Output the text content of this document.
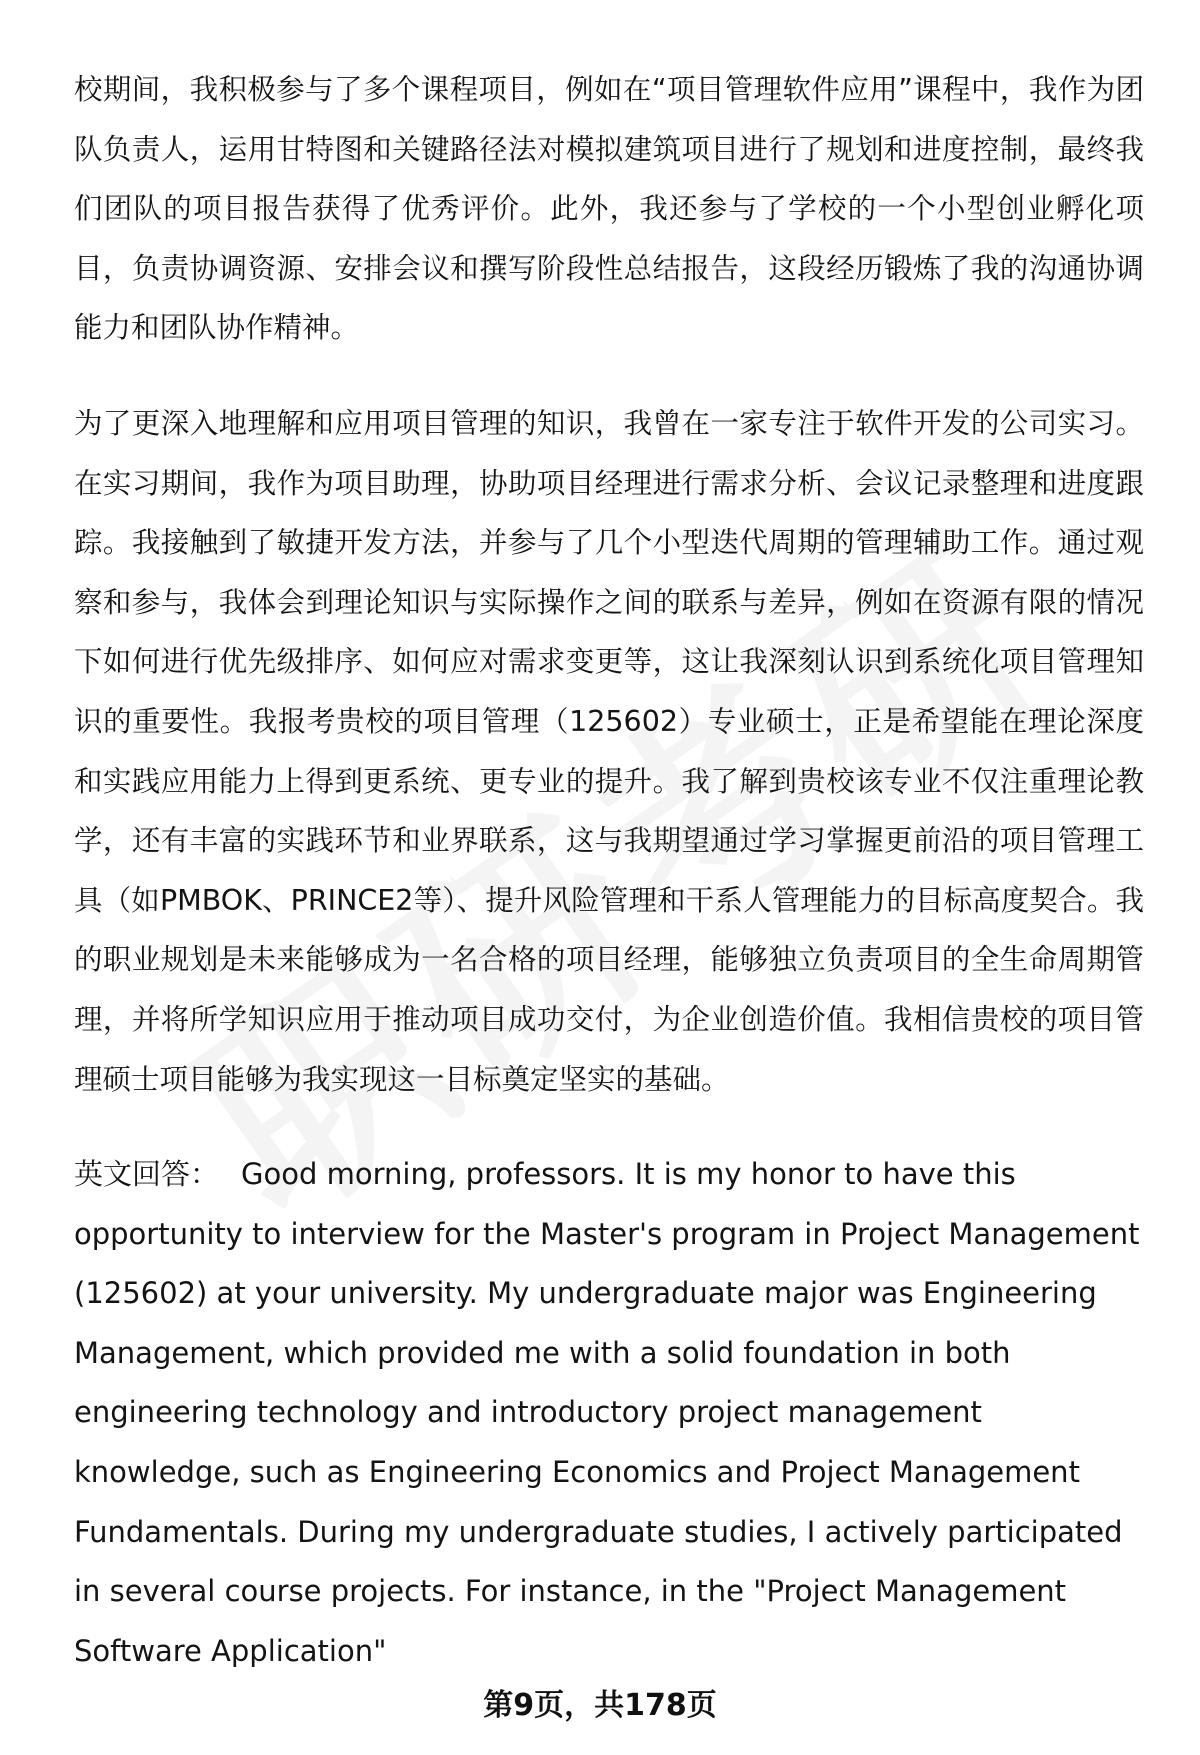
校期间，我积极参与了多个课程项目，例如在“项目管理软件应用”课程中，我作为团队负责人，运用甘特图和关键路径法对模拟建筑项目进行了规划和进度控制，最终我们团队的项目报告获得了优秀评价。此外，我还参与了学校的一个小型创业孵化项目，负责协调资源、安排会议和撰写阶段性总结报告，这段经历锻炼了我的沟通协调能力和团队协作精神。

为了更深入地理解和应用项目管理的知识，我曾在一家专注于软件开发的公司实习。在实习期间，我作为项目助理，协助项目经理进行需求分析、会议记录整理和进度跟踪。我接触到了敏捷开发方法，并参与了几个小型迭代周期的管理辅助工作。通过观察和参与，我体会到理论知识与实际操作之间的联系与差异，例如在资源有限的情况下如何进行优先级排序、如何应对需求变更等，这让我深刻认识到系统化项目管理知识的重要性。我报考贵校的项目管理（125602）专业硕士，正是希望能在理论深度和实践应用能力上得到更系统、更专业的提升。我了解到贵校该专业不仅注重理论教学，还有丰富的实践环节和业界联系，这与我期望通过学习掌握更前沿的项目管理工具（如PMBOK、PRINCE2等）、提升风险管理和干系人管理能力的目标高度契合。我的职业规划是未来能够成为一名合格的项目经理，能够独立负责项目的全生命周期管理，并将所学知识应用于推动项目成功交付，为企业创造价值。我相信贵校的项目管理硕士项目能够为我实现这一目标奠定坚实的基础。

英文回答： Good morning, professors. It is my honor to have this opportunity to interview for the Master's program in Project Management (125602) at your university. My undergraduate major was Engineering Management, which provided me with a solid foundation in both engineering technology and introductory project management knowledge, such as Engineering Economics and Project Management Fundamentals. During my undergraduate studies, I actively participated in several course projects. For instance, in the "Project Management Software Application"

第9页，共178页
